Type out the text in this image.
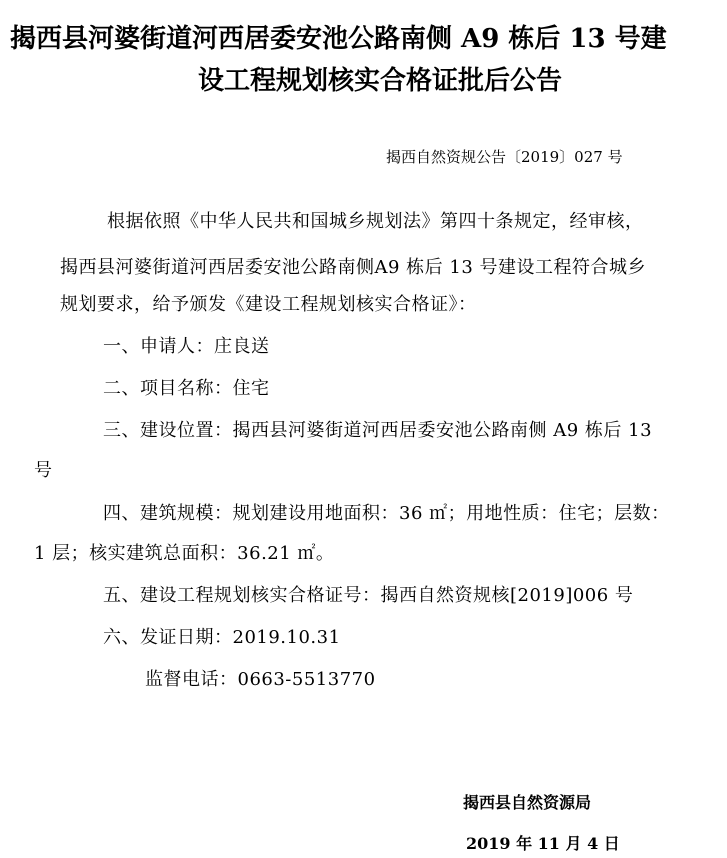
揭西县河婆街道河西居委安池公路南侧 A9 栋后 13 号建
设工程规划核实合格证批后公告
揭西自然资规公告〔2019〕027 号
根据依照《中华人民共和国城乡规划法》第四十条规定，经审核，
揭西县河婆街道河西居委安池公路南侧A9 栋后 13 号建设工程符合城乡
规划要求，给予颁发《建设工程规划核实合格证》：
一、申请人：庄良送
二、项目名称：住宅
三、建设位置：揭西县河婆街道河西居委安池公路南侧 A9 栋后 13
号
四、建筑规模：规划建设用地面积：36 ㎡；用地性质：住宅；层数：
1 层；核实建筑总面积：36.21 ㎡。
五、建设工程规划核实合格证号：揭西自然资规核[2019]006 号
六、发证日期：2019.10.31
监督电话：0663-5513770
揭西县自然资源局
2019 年 11 月 4 日
